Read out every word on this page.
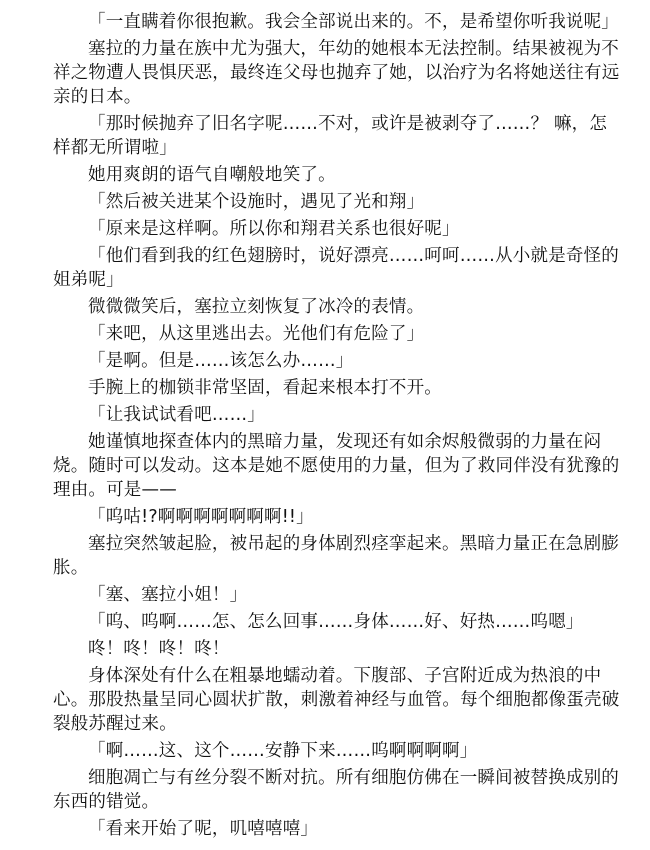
「一直瞒着你很抱歉。我会全部说出来的。不，是希望你听我说呢」

塞拉的力量在族中尤为强大，年幼的她根本无法控制。结果被视为不祥之物遭人畏惧厌恶，最终连父母也抛弃了她，以治疗为名将她送往有远亲的日本。

「那时候抛弃了旧名字呢……不对，或许是被剥夺了……？ 嘛，怎样都无所谓啦」

她用爽朗的语气自嘲般地笑了。

「然后被关进某个设施时，遇见了光和翔」

「原来是这样啊。所以你和翔君关系也很好呢」

「他们看到我的红色翅膀时，说好漂亮……呵呵……从小就是奇怪的姐弟呢」

微微微笑后，塞拉立刻恢复了冰冷的表情。

「来吧，从这里逃出去。光他们有危险了」

「是啊。但是……该怎么办……」

手腕上的枷锁非常坚固，看起来根本打不开。

「让我试试看吧……」

她谨慎地探查体内的黑暗力量，发现还有如余烬般微弱的力量在闷烧。随时可以发动。这本是她不愿使用的力量，但为了救同伴没有犹豫的理由。可是——

「呜咕!?啊啊啊啊啊啊啊!!」

塞拉突然皱起脸，被吊起的身体剧烈痉挛起来。黑暗力量正在急剧膨胀。

「塞、塞拉小姐！」

「呜、呜啊……怎、怎么回事……身体……好、好热……呜嗯」

咚！咚！咚！咚！

身体深处有什么在粗暴地蠕动着。下腹部、子宫附近成为热浪的中心。那股热量呈同心圆状扩散，刺激着神经与血管。每个细胞都像蛋壳破裂般苏醒过来。

「啊……这、这个……安静下来……呜啊啊啊啊」

细胞凋亡与有丝分裂不断对抗。所有细胞仿佛在一瞬间被替换成别的东西的错觉。

「看来开始了呢，叽嘻嘻嘻」
